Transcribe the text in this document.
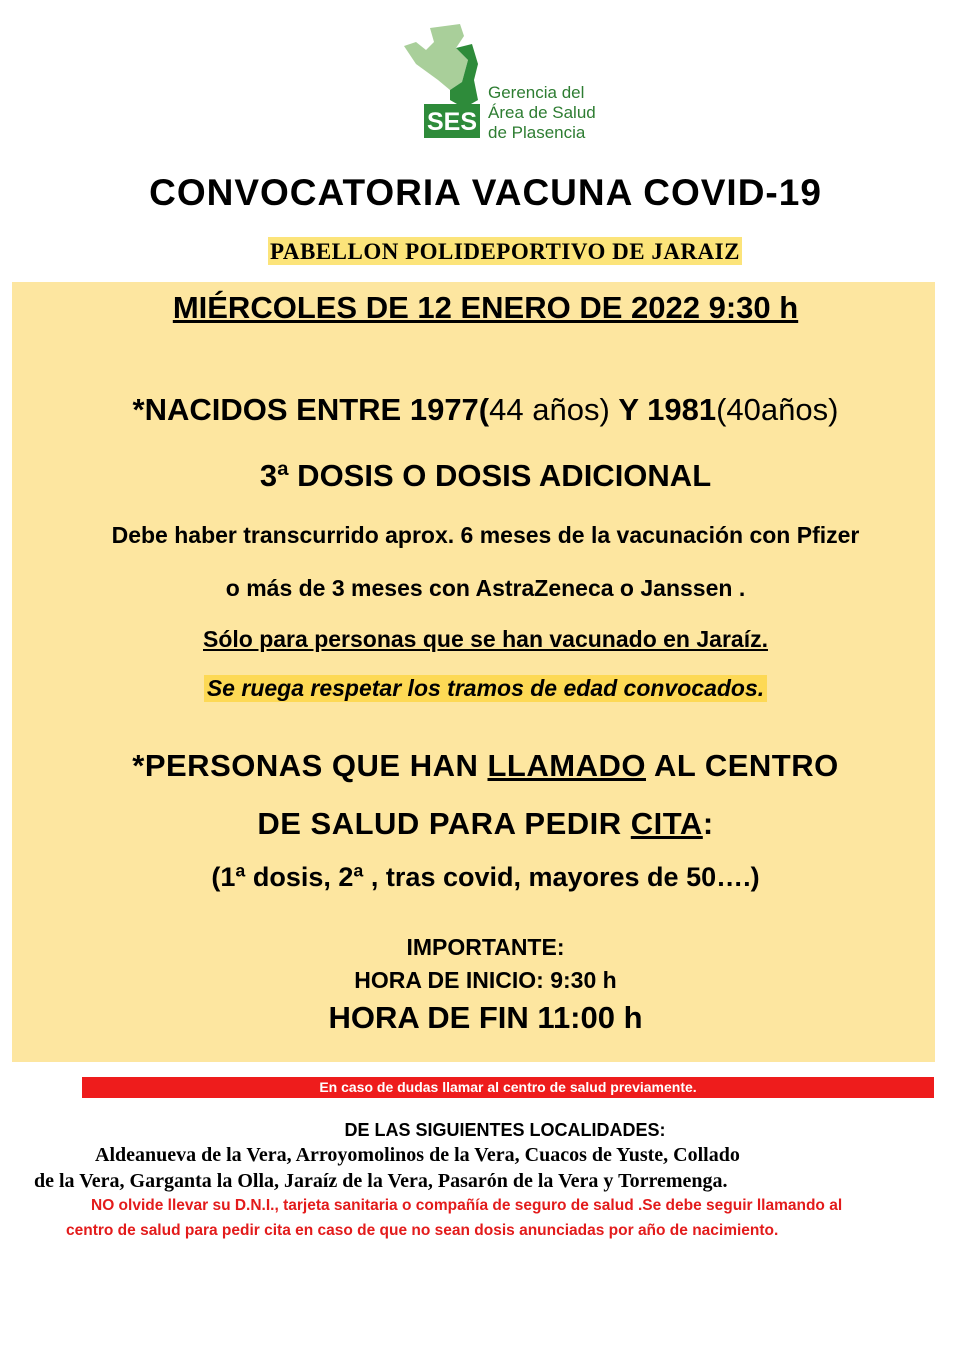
SES
Gerencia del
Área de Salud
de Plasencia
CONVOCATORIA VACUNA COVID-19
PABELLON POLIDEPORTIVO DE JARAIZ
MIÉRCOLES DE 12 ENERO DE 2022 9:30 h
*NACIDOS ENTRE 1977(44 años) Y 1981(40años)
3ª DOSIS O DOSIS ADICIONAL
Debe haber transcurrido aprox. 6 meses de la vacunación con Pfizer
o más de 3 meses con AstraZeneca o Janssen .
Sólo para personas que se han vacunado en Jaraíz.
Se ruega respetar los tramos de edad convocados.
*PERSONAS QUE HAN LLAMADO AL CENTRO
DE SALUD PARA PEDIR CITA:
(1ª dosis, 2ª , tras covid, mayores de 50….)
IMPORTANTE:
HORA DE INICIO: 9:30 h
HORA DE FIN 11:00 h
En caso de dudas llamar al centro de salud previamente.
DE LAS SIGUIENTES LOCALIDADES:
Aldeanueva de la Vera, Arroyomolinos de la Vera, Cuacos de Yuste, Collado
de la Vera, Garganta la Olla, Jaraíz de la Vera, Pasarón de la Vera y Torremenga.
NO olvide llevar su D.N.I., tarjeta sanitaria o compañía de seguro de salud .Se debe seguir llamando al
centro de salud para pedir cita en caso de que no sean dosis anunciadas por año de nacimiento.
